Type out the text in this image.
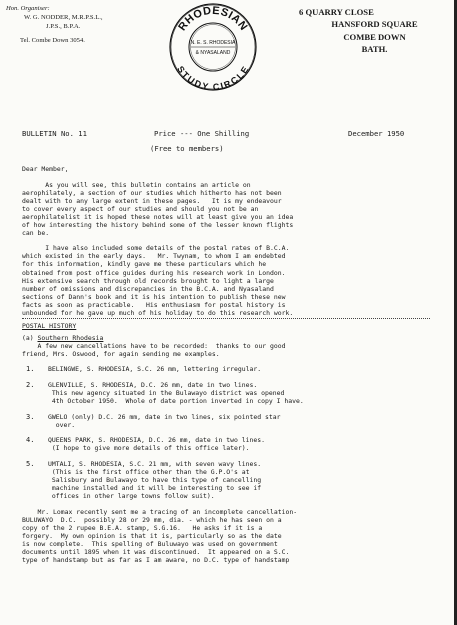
Hon. Organiser:
W. G. NODDER, M.R.P.S.L.,
J.P.S., B.P.A.
Tel. Combe Down 3054.
RHODESIAN
STUDY CIRCLE
N. E. S. RHODESIA
& NYASALAND
6 QUARRY CLOSE
HANSFORD SQUARE
COMBE DOWN
BATH.
BULLETIN No. 11	Price --- One Shilling	December 1950
(Free to members)

Dear Member,

As you will see, this bulletin contains an article on

aerophilately, a section of our studies which hitherto has not been

dealt with to any large extent in these pages.   It is my endeavour

to cover every aspect of our studies and should you not be an

aerophilatelist it is hoped these notes will at least give you an idea

of how interesting the history behind some of the lesser known flights

can be.

I have also included some details of the postal rates of B.C.A.

which existed in the early days.   Mr. Twynam, to whom I am endebted

for this information, kindly gave me these particulars which he

obtained from post office guides during his research work in London.

His extensive search through old records brought to light a large

number of omissions and discrepancies in the B.C.A. and Nyasaland

sections of Dann's book and it is his intention to publish these new

facts as soon as practicable.   His enthusiasm for postal history is

unbounded for he gave up much of his holiday to do this research work.

POSTAL HISTORY

(a) Southern Rhodesia

A few new cancellations have to be recorded:  thanks to our good

friend, Mrs. Oswood, for again sending me examples.

1.	BELINGWE, S. RHODESIA, S.C. 26 mm, lettering irregular.
2.	GLENVILLE, S. RHODESIA, D.C. 26 mm, date in two lines.
This new agency situated in the Bulawayo district was opened
4th October 1950.  Whole of date portion inverted in copy I have.
3.	GWELO (only) D.C. 26 mm, date in two lines, six pointed star
over.
4.	QUEENS PARK, S. RHODESIA, D.C. 26 mm, date in two lines.
(I hope to give more details of this office later).
5.	UMTALI, S. RHODESIA, S.C. 21 mm, with seven wavy lines.
(This is the first office other than the G.P.O's at
Salisbury and Bulawayo to have this type of cancelling
machine installed and it will be interesting to see if
offices in other large towns follow suit).

Mr. Lomax recently sent me a tracing of an incomplete cancellation-

BULUWAYO  D.C.  possibly 28 or 29 mm, dia. - which he has seen on a

copy of the 2 rupee B.E.A. stamp, S.G.16.   He asks if it is a

forgery.  My own opinion is that it is, particularly so as the date

is now complete.  This spelling of Buluwayo was used on government

documents until 1895 when it was discontinued.  It appeared on a S.C.

type of handstamp but as far as I am aware, no D.C. type of handstamp
